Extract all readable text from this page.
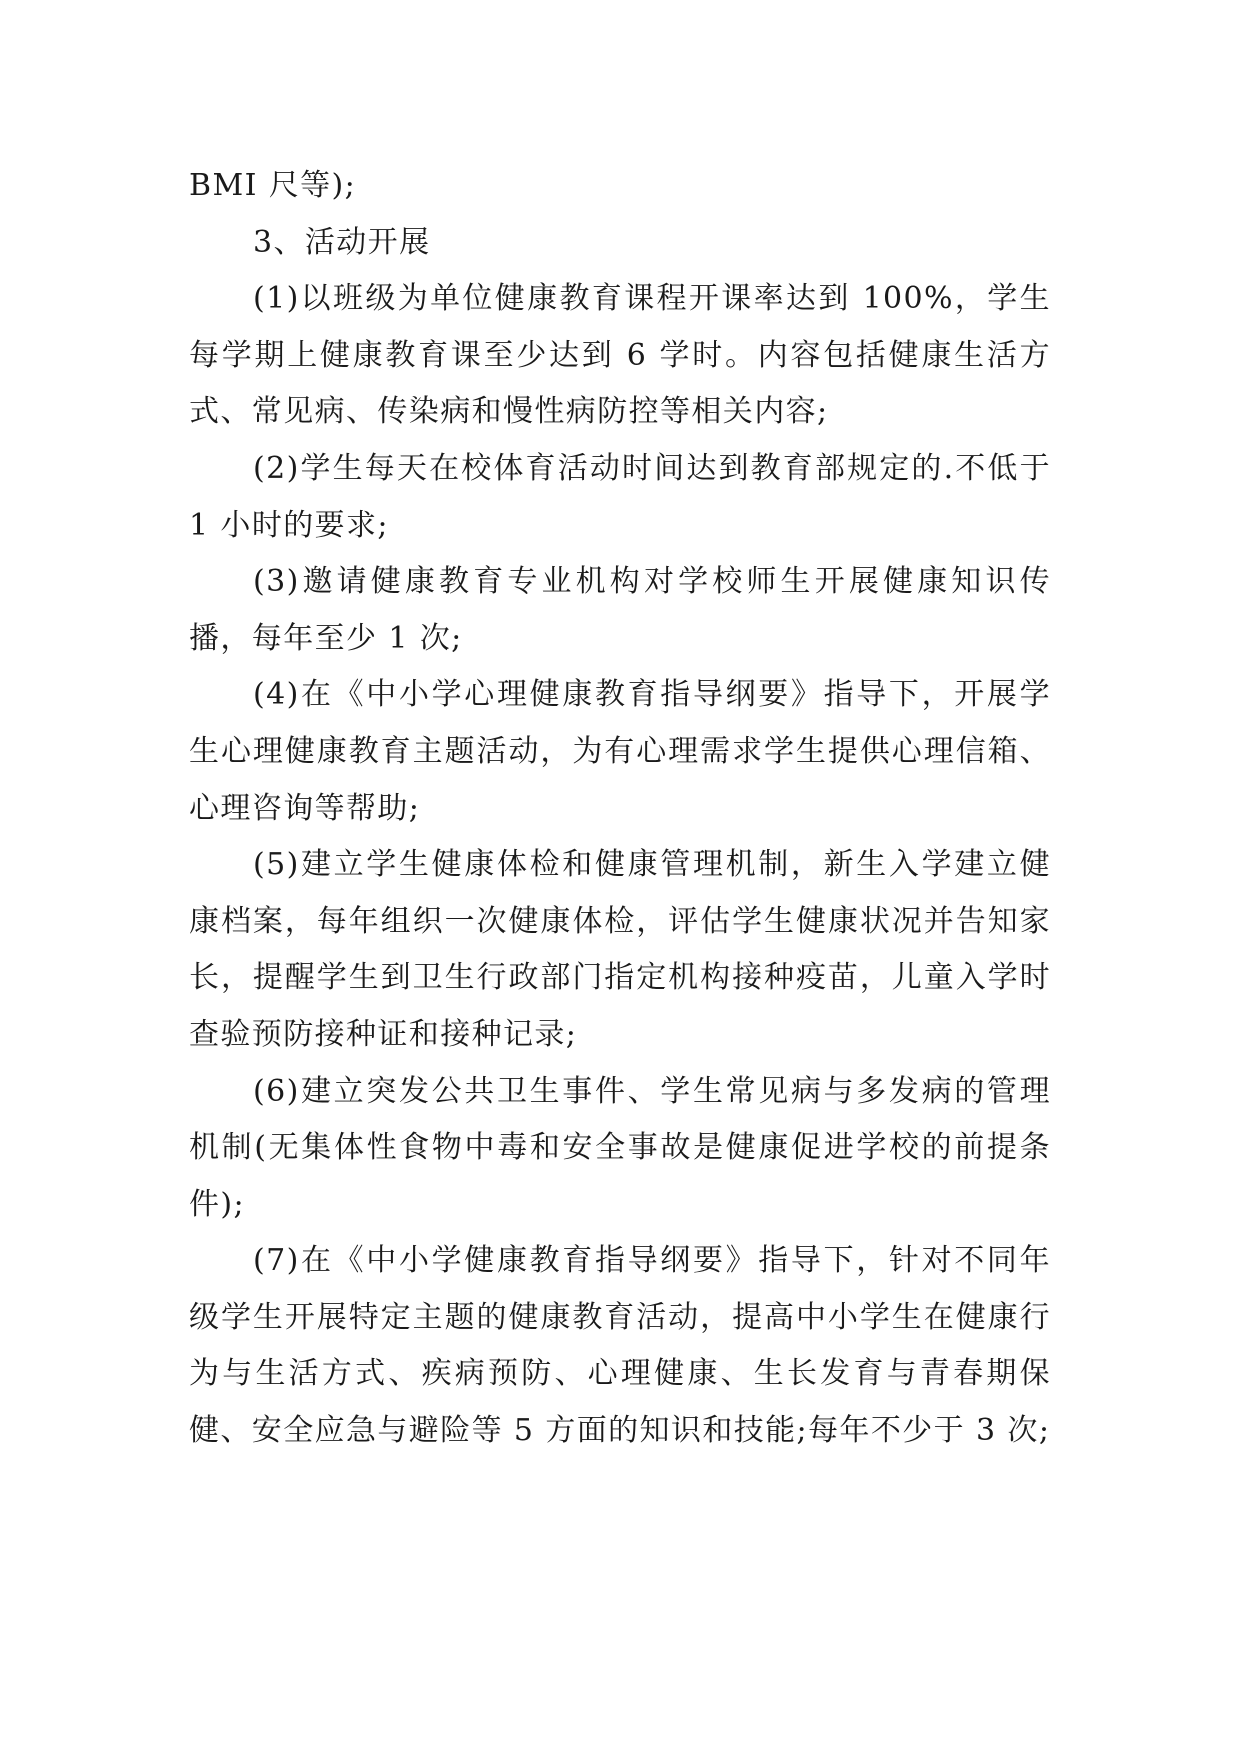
BMI 尺等);

3、活动开展

(1)以班级为单位健康教育课程开课率达到 100%，学生每学期上健康教育课至少达到 6 学时。内容包括健康生活方式、常见病、传染病和慢性病防控等相关内容;

(2)学生每天在校体育活动时间达到教育部规定的.不低于 1 小时的要求;

(3)邀请健康教育专业机构对学校师生开展健康知识传播，每年至少 1 次;

(4)在《中小学心理健康教育指导纲要》指导下，开展学生心理健康教育主题活动，为有心理需求学生提供心理信箱、心理咨询等帮助;

(5)建立学生健康体检和健康管理机制，新生入学建立健康档案，每年组织一次健康体检，评估学生健康状况并告知家长，提醒学生到卫生行政部门指定机构接种疫苗，儿童入学时查验预防接种证和接种记录;

(6)建立突发公共卫生事件、学生常见病与多发病的管理机制(无集体性食物中毒和安全事故是健康促进学校的前提条件);

(7)在《中小学健康教育指导纲要》指导下，针对不同年级学生开展特定主题的健康教育活动，提高中小学生在健康行为与生活方式、疾病预防、心理健康、生长发育与青春期保健、安全应急与避险等 5 方面的知识和技能;每年不少于 3 次;
